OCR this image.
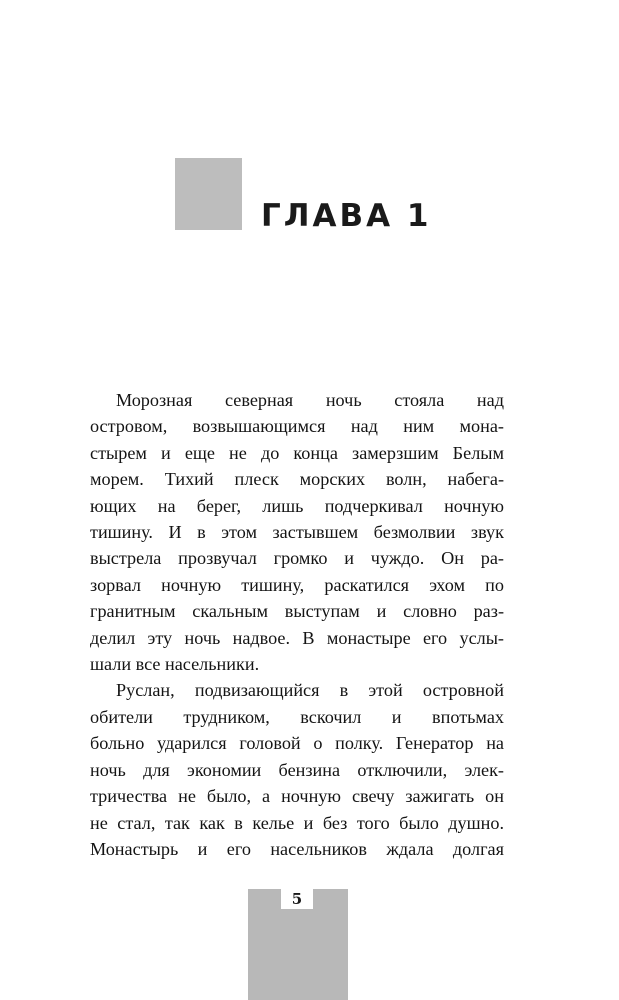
ГЛАВА 1

Морозная северная ночь стояла над
островом, возвышающимся над ним мона-
стырем и еще не до конца замерзшим Белым
морем. Тихий плеск морских волн, набега-
ющих на берег, лишь подчеркивал ночную
тишину. И в этом застывшем безмолвии звук
выстрела прозвучал громко и чуждо. Он ра-
зорвал ночную тишину, раскатился эхом по
гранитным скальным выступам и словно раз-
делил эту ночь надвое. В монастыре его услы-
шали все насельники.

Руслан, подвизающийся в этой островной
обители трудником, вскочил и впотьмах
больно ударился головой о полку. Генератор на
ночь для экономии бензина отключили, элек-
тричества не было, а ночную свечу зажигать он
не стал, так как в келье и без того было душно.
Монастырь и его насельников ждала долгая

5
